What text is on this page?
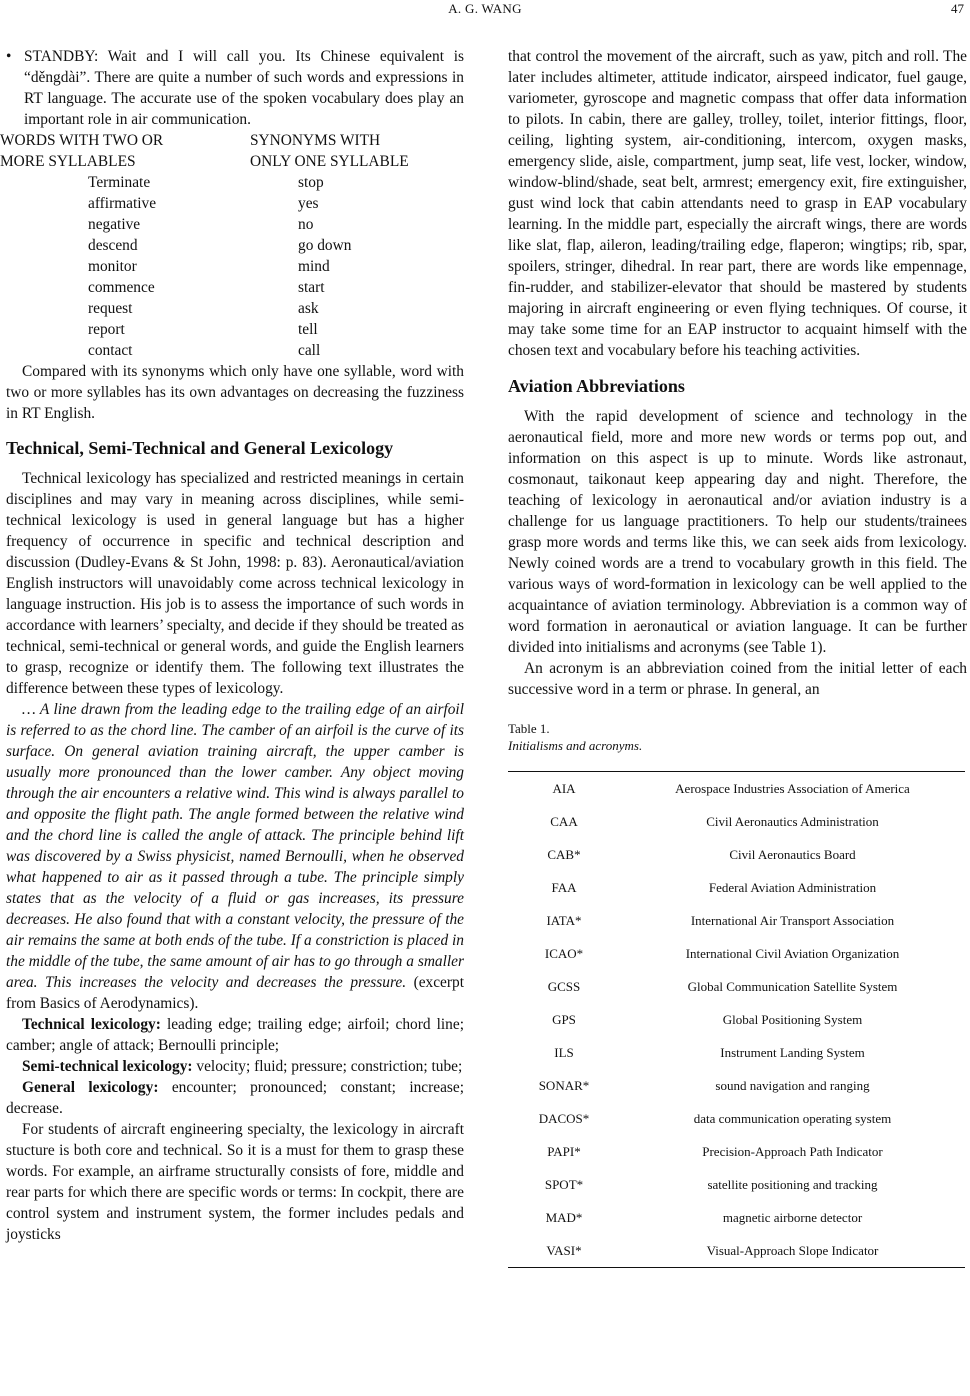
A. G. WANG	47

• STANDBY: Wait and I will call you. Its Chinese equivalent is “děngdài”. There are quite a number of such words and expressions in RT language. The accurate use of the spoken vocabulary does play an important role in air communication.

WORDS WITH TWO OR	SYNONYMS WITH
MORE SYLLABLES	ONLY ONE SYLLABLE
Terminate	stop
affirmative	yes
negative	no
descend	go down
monitor	mind
commence	start
request	ask
report	tell
contact	call

Compared with its synonyms which only have one syllable, word with two or more syllables has its own advantages on decreasing the fuzziness in RT English.

Technical, Semi-Technical and General Lexicology

Technical lexicology has specialized and restricted meanings in certain disciplines and may vary in meaning across disciplines, while semi-technical lexicology is used in general language but has a higher frequency of occurrence in specific and technical description and discussion (Dudley-Evans & St John, 1998: p. 83). Aeronautical/aviation English instructors will unavoidably come across technical lexicology in language instruction. His job is to assess the importance of such words in accordance with learners’ specialty, and decide if they should be treated as technical, semi-technical or general words, and guide the English learners to grasp, recognize or identify them. The following text illustrates the difference between these types of lexicology.

… A line drawn from the leading edge to the trailing edge of an airfoil is referred to as the chord line. The camber of an airfoil is the curve of its surface. On general aviation training aircraft, the upper camber is usually more pronounced than the lower camber. Any object moving through the air encounters a relative wind. This wind is always parallel to and opposite the flight path. The angle formed between the relative wind and the chord line is called the angle of attack. The principle behind lift was discovered by a Swiss physicist, named Bernoulli, when he observed what happened to air as it passed through a tube. The principle simply states that as the velocity of a fluid or gas increases, its pressure decreases. He also found that with a constant velocity, the pressure of the air remains the same at both ends of the tube. If a constriction is placed in the middle of the tube, the same amount of air has to go through a smaller area. This increases the velocity and decreases the pressure. (excerpt from Basics of Aerodynamics).

Technical lexicology: leading edge; trailing edge; airfoil; chord line; camber; angle of attack; Bernoulli principle;

Semi-technical lexicology: velocity; fluid; pressure; constriction; tube;

General lexicology: encounter; pronounced; constant; increase; decrease.

For students of aircraft engineering specialty, the lexicology in aircraft stucture is both core and technical. So it is a must for them to grasp these words. For example, an airframe structurally consists of fore, middle and rear parts for which there are specific words or terms: In cockpit, there are control system and instrument system, the former includes pedals and joysticks

that control the movement of the aircraft, such as yaw, pitch and roll. The later includes altimeter, attitude indicator, airspeed indicator, fuel gauge, variometer, gyroscope and magnetic compass that offer data information to pilots. In cabin, there are galley, trolley, toilet, interior fittings, floor, ceiling, lighting system, air-conditioning, intercom, oxygen masks, emergency slide, aisle, compartment, jump seat, life vest, locker, window, window-blind/shade, seat belt, armrest; emergency exit, fire extinguisher, gust wind lock that cabin attendants need to grasp in EAP vocabulary learning. In the middle part, especially the aircraft wings, there are words like slat, flap, aileron, leading/trailing edge, flaperon; wingtips; rib, spar, spoilers, stringer, dihedral. In rear part, there are words like empennage, fin-rudder, and stabilizer-elevator that should be mastered by students majoring in aircraft engineering or even flying techniques. Of course, it may take some time for an EAP instructor to acquaint himself with the chosen text and vocabulary before his teaching activities.

Aviation Abbreviations

With the rapid development of science and technology in the aeronautical field, more and more new words or terms pop out, and information on this aspect is up to minute. Words like astronaut, cosmonaut, taikonaut keep appearing day and night. Therefore, the teaching of lexicology in aeronautical and/or aviation industry is a challenge for us language practitioners. To help our students/trainees grasp more words and terms like this, we can seek aids from lexicology. Newly coined words are a trend to vocabulary growth in this field. The various ways of word-formation in lexicology can be well applied to the acquaintance of aviation terminology. Abbreviation is a common way of word formation in aeronautical or aviation language. It can be further divided into initialisms and acronyms (see Table 1).

An acronym is an abbreviation coined from the initial letter of each successive word in a term or phrase. In general, an

Table 1.
Initialisms and acronyms.
AIA	Aerospace Industries Association of America
CAA	Civil Aeronautics Administration
CAB*	Civil Aeronautics Board
FAA	Federal Aviation Administration
IATA*	International Air Transport Association
ICAO*	International Civil Aviation Organization
GCSS	Global Communication Satellite System
GPS	Global Positioning System
ILS	Instrument Landing System
SONAR*	sound navigation and ranging
DACOS*	data communication operating system
PAPI*	Precision-Approach Path Indicator
SPOT*	satellite positioning and tracking
MAD*	magnetic airborne detector
VASI*	Visual-Approach Slope Indicator
